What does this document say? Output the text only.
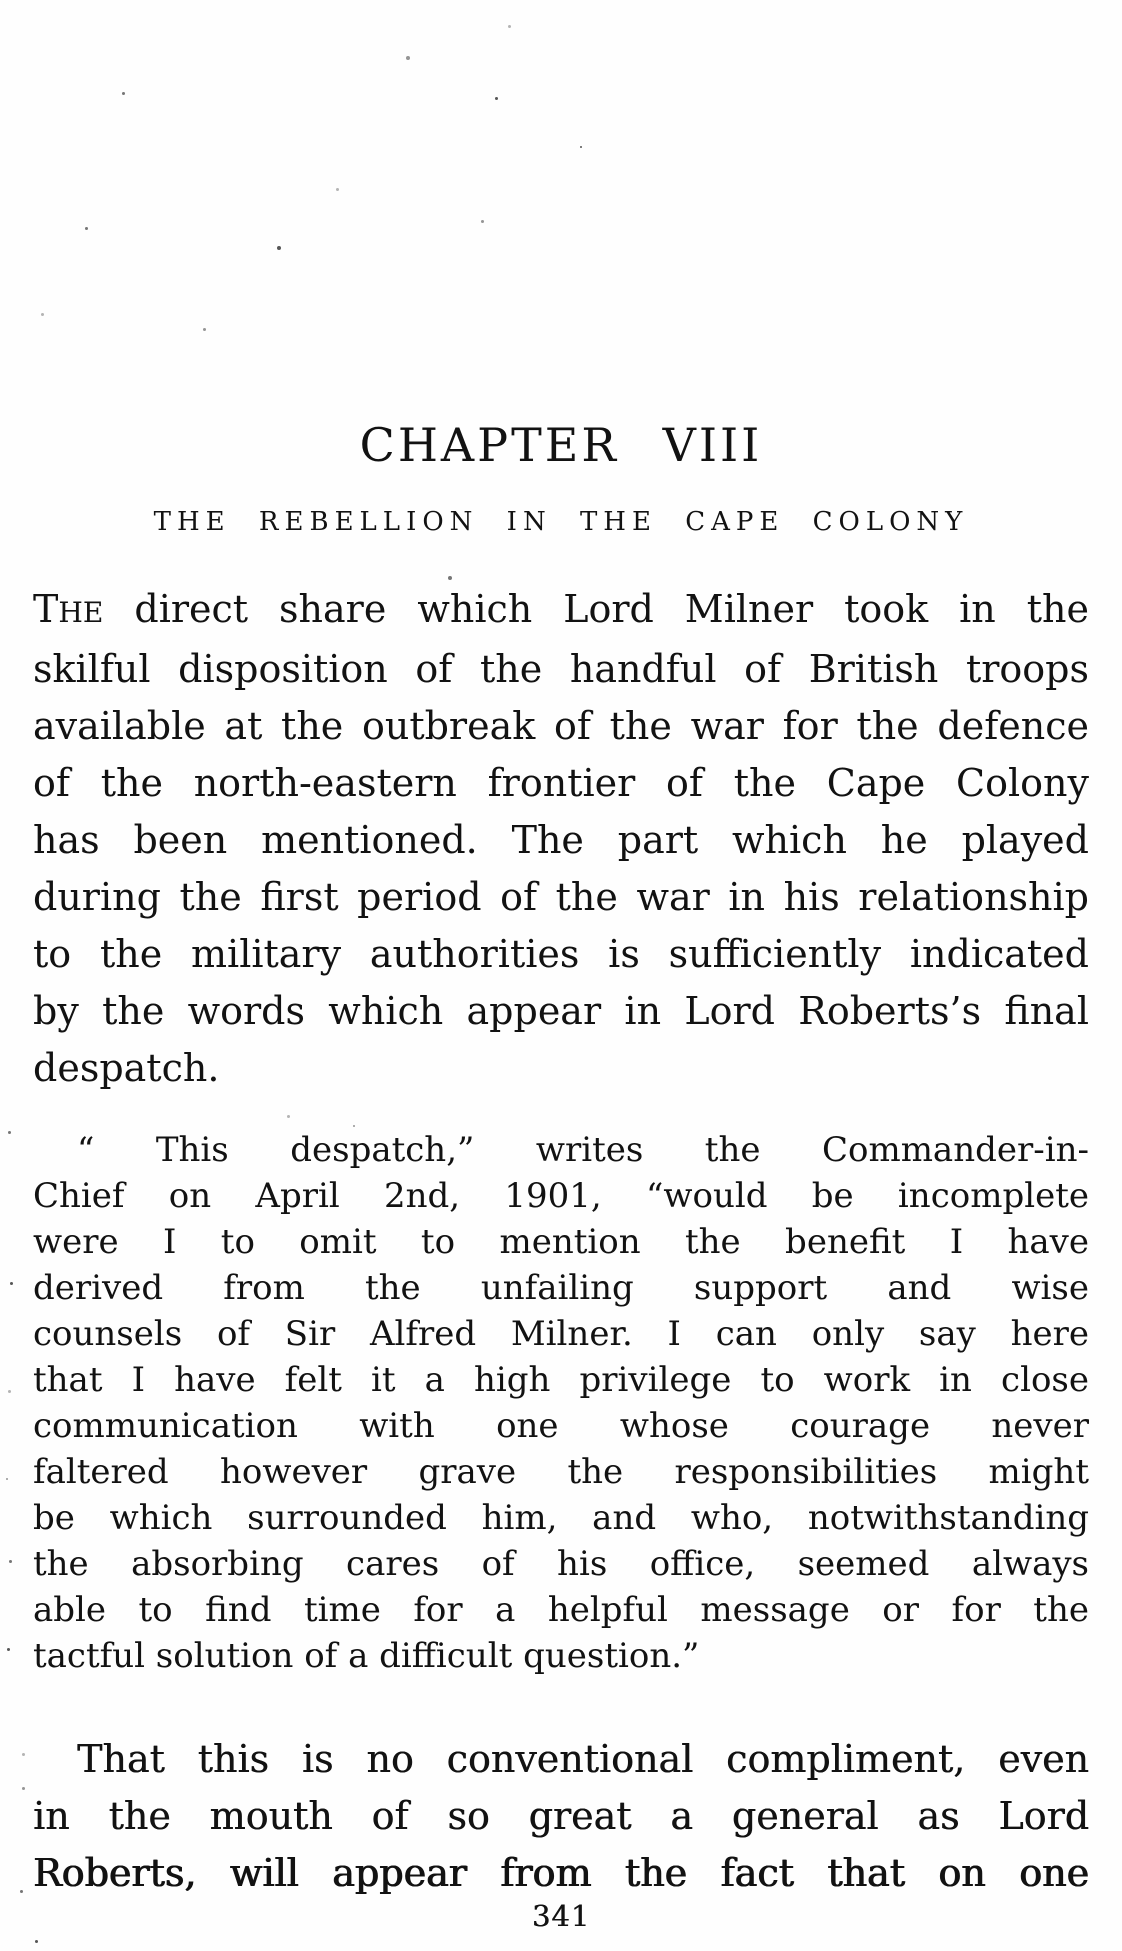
CHAPTER VIII
THE REBELLION IN THE CAPE COLONY
THE direct share which Lord Milner took in the
skilful disposition of the handful of British troops
available at the outbreak of the war for the defence
of the north-eastern frontier of the Cape Colony
has been mentioned. The part which he played
during the first period of the war in his relationship
to the military authorities is sufficiently indicated
by the words which appear in Lord Roberts’s final
despatch.
“ This despatch,” writes the Commander-in-
Chief on April 2nd, 1901, “would be incomplete
were I to omit to mention the benefit I have
derived from the unfailing support and wise
counsels of Sir Alfred Milner. I can only say here
that I have felt it a high privilege to work in close
communication with one whose courage never
faltered however grave the responsibilities might
be which surrounded him, and who, notwithstanding
the absorbing cares of his office, seemed always
able to find time for a helpful message or for the
tactful solution of a difficult question.”
That this is no conventional compliment, even
in the mouth of so great a general as Lord
Roberts, will appear from the fact that on one
341
